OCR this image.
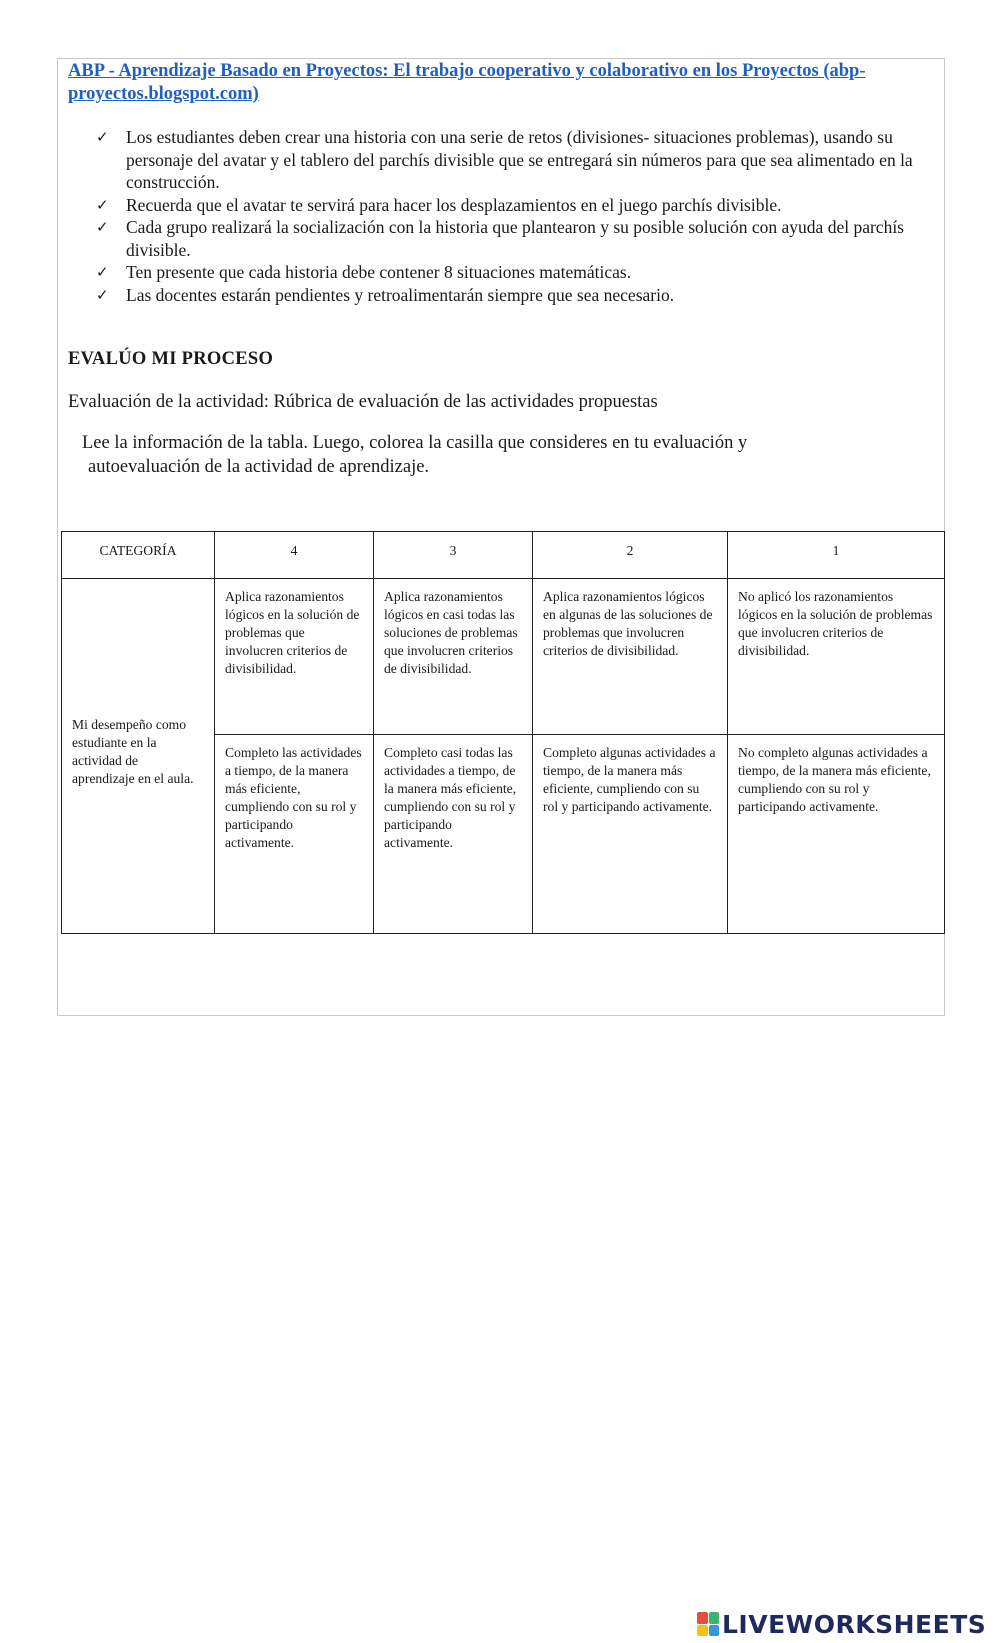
ABP - Aprendizaje Basado en Proyectos: El trabajo cooperativo y colaborativo en los Proyectos (abp-proyectos.blogspot.com)
✓ Los estudiantes deben crear una historia con una serie de retos (divisiones- situaciones problemas), usando su personaje del avatar y el tablero del parchís divisible que se entregará sin números para que sea alimentado en la construcción.
✓ Recuerda que el avatar te servirá para hacer los desplazamientos en el juego parchís divisible.
✓ Cada grupo realizará la socialización con la historia que plantearon y su posible solución con ayuda del parchís divisible.
✓ Ten presente que cada historia debe contener 8 situaciones matemáticas.
✓ Las docentes estarán pendientes y retroalimentarán siempre que sea necesario.
EVALÚO MI PROCESO
Evaluación de la actividad: Rúbrica de evaluación de las actividades propuestas
Lee la información de la tabla. Luego, colorea la casilla que consideres en tu evaluación y
autoevaluación de la actividad de aprendizaje.
CATEGORÍA	4	3	2	1

Mi desempeño como estudiante en la actividad de aprendizaje en el aula.	Aplica razonamientos lógicos en la solución de problemas que involucren criterios de divisibilidad.	Aplica razonamientos lógicos en casi todas las soluciones de problemas que involucren criterios de divisibilidad.	Aplica razonamientos lógicos en algunas de las soluciones de problemas que involucren criterios de divisibilidad.	No aplicó los razonamientos lógicos en la solución de problemas que involucren criterios de divisibilidad.
	Completo las actividades a tiempo, de la manera más eficiente, cumpliendo con su rol y participando activamente.	Completo casi todas las actividades a tiempo, de la manera más eficiente, cumpliendo con su rol y participando activamente.	Completo algunas actividades a tiempo, de la manera más eficiente, cumpliendo con su rol y participando activamente.	No completo algunas actividades a tiempo, de la manera más eficiente, cumpliendo con su rol y participando activamente.
LIVEWORKSHEETS
